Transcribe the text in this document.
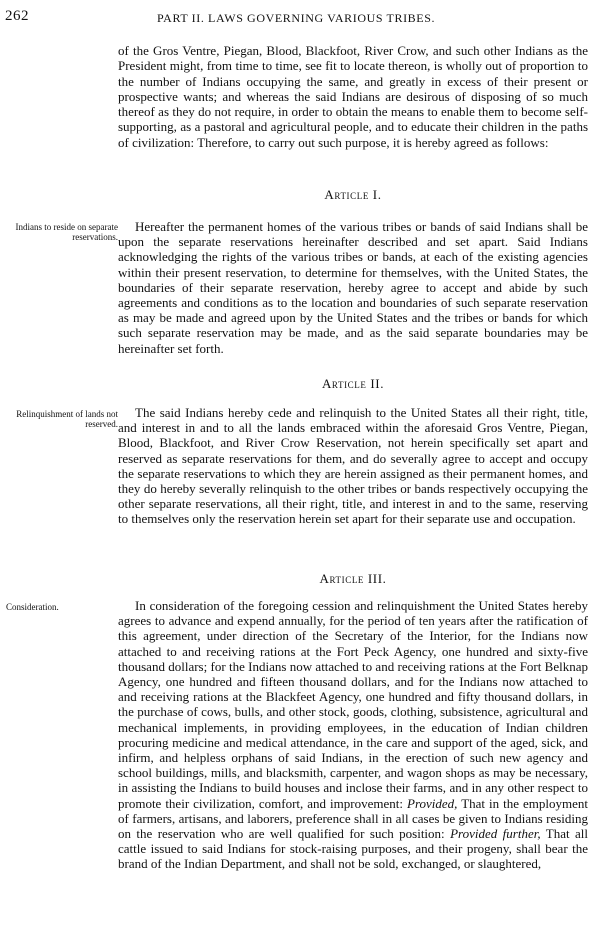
262	PART II. LAWS GOVERNING VARIOUS TRIBES.

of the Gros Ventre, Piegan, Blood, Blackfoot, River Crow, and such other Indians as the President might, from time to time, see fit to locate thereon, is wholly out of proportion to the number of Indians occupying the same, and greatly in excess of their present or prospective wants; and whereas the said Indians are desirous of disposing of so much thereof as they do not require, in order to obtain the means to enable them to become self-supporting, as a pastoral and agricultural people, and to educate their children in the paths of civilization: Therefore, to carry out such purpose, it is hereby agreed as follows:

Article I.
Indians to reside on separate reservations.

Hereafter the permanent homes of the various tribes or bands of said Indians shall be upon the separate reservations hereinafter described and set apart. Said Indians acknowledging the rights of the various tribes or bands, at each of the existing agencies within their present reservation, to determine for themselves, with the United States, the boundaries of their separate reservation, hereby agree to accept and abide by such agreements and conditions as to the location and boundaries of such separate reservation as may be made and agreed upon by the United States and the tribes or bands for which such separate reservation may be made, and as the said separate boundaries may be hereinafter set forth.

Article II.
Relinquishment of lands not reserved.

The said Indians hereby cede and relinquish to the United States all their right, title, and interest in and to all the lands embraced within the aforesaid Gros Ventre, Piegan, Blood, Blackfoot, and River Crow Reservation, not herein specifically set apart and reserved as separate reservations for them, and do severally agree to accept and occupy the separate reservations to which they are herein assigned as their permanent homes, and they do hereby severally relinquish to the other tribes or bands respectively occupying the other separate reservations, all their right, title, and interest in and to the same, reserving to themselves only the reservation herein set apart for their separate use and occupation.

Article III.
Consideration.	In consideration of the foregoing cession and relinquishment the United States hereby agrees to advance and expend annually, for the period of ten years after the ratification of this agreement, under direction of the Secretary of the Interior, for the Indians now attached to and receiving rations at the Fort Peck Agency, one hundred and sixty-five thousand dollars; for the Indians now attached to and receiving rations at the Fort Belknap Agency, one hundred and fifteen thousand dollars, and for the Indians now attached to and receiving rations at the Blackfeet Agency, one hundred and fifty thousand dollars, in the purchase of cows, bulls, and other stock, goods, clothing, subsistence, agricultural and mechanical implements, in providing employees, in the education of Indian children procuring medicine and medical attendance, in the care and support of the aged, sick, and infirm, and helpless orphans of said Indians, in the erection of such new agency and school buildings, mills, and blacksmith, carpenter, and wagon shops as may be necessary, in assisting the Indians to build houses and inclose their farms, and in any other respect to promote their civilization, comfort, and improvement: Provided, That in the employment of farmers, artisans, and laborers, preference shall in all cases be given to Indians residing on the reservation who are well qualified for such position: Provided further, That all cattle issued to said Indians for stock-raising purposes, and their progeny, shall bear the brand of the Indian Department, and shall not be sold, exchanged, or slaughtered,
